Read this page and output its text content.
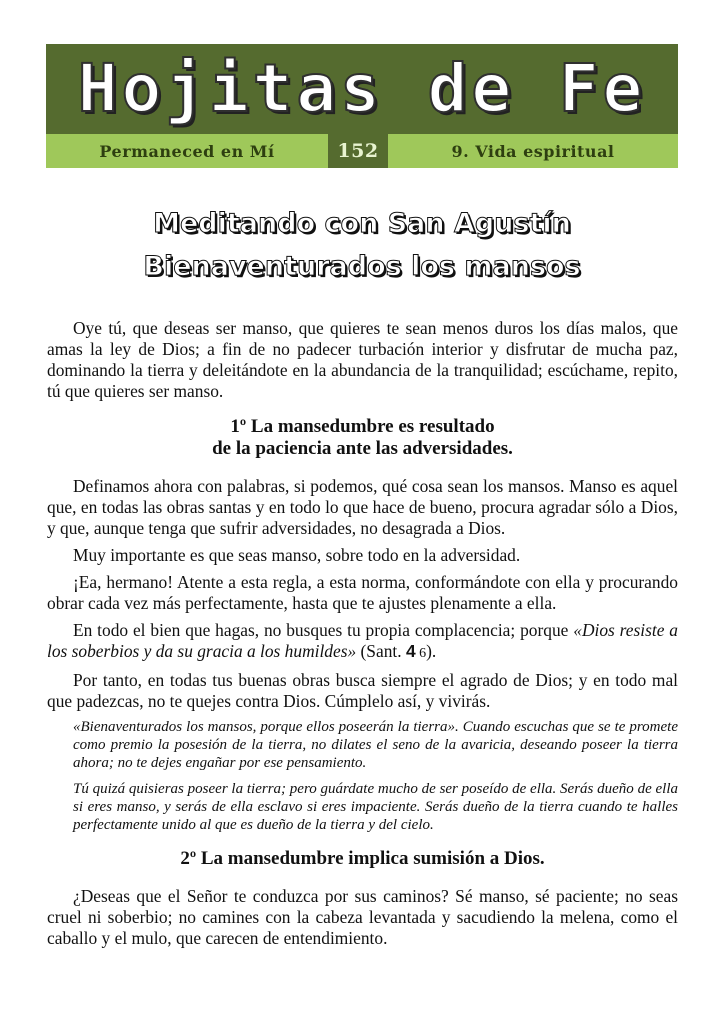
Hojitas de Fe
Permaneced en Mí	152	9. Vida espiritual
Meditando con San Agustín
Bienaventurados los mansos

Oye tú, que deseas ser manso, que quieres te sean menos duros los días malos, que amas la ley de Dios; a fin de no padecer turbación interior y disfrutar de mucha paz, dominando la tierra y deleitándote en la abundancia de la tranquilidad; escúchame, repito, tú que quieres ser manso.

1º La mansedumbre es resultado
de la paciencia ante las adversidades.

Definamos ahora con palabras, si podemos, qué cosa sean los mansos. Manso es aquel que, en todas las obras santas y en todo lo que hace de bueno, procura agradar sólo a Dios, y que, aunque tenga que sufrir adversidades, no desagrada a Dios.

Muy importante es que seas manso, sobre todo en la adversidad.

¡Ea, hermano! Atente a esta regla, a esta norma, conformándote con ella y procurando obrar cada vez más perfectamente, hasta que te ajustes plenamente a ella.

En todo el bien que hagas, no busques tu propia complacencia; porque «Dios resiste a los soberbios y da su gracia a los humildes» (Sant. 4 6).

Por tanto, en todas tus buenas obras busca siempre el agrado de Dios; y en todo mal que padezcas, no te quejes contra Dios. Cúmplelo así, y vivirás.

«Bienaventurados los mansos, porque ellos poseerán la tierra». Cuando escuchas que se te promete como premio la posesión de la tierra, no dilates el seno de la avaricia, deseando poseer la tierra ahora; no te dejes engañar por ese pensamiento.
Tú quizá quisieras poseer la tierra; pero guárdate mucho de ser poseído de ella. Serás dueño de ella si eres manso, y serás de ella esclavo si eres impaciente. Serás dueño de la tierra cuando te halles perfectamente unido al que es dueño de la tierra y del cielo.
2º La mansedumbre implica sumisión a Dios.

¿Deseas que el Señor te conduzca por sus caminos? Sé manso, sé paciente; no seas cruel ni soberbio; no camines con la cabeza levantada y sacudiendo la melena, como el caballo y el mulo, que carecen de entendimiento.
